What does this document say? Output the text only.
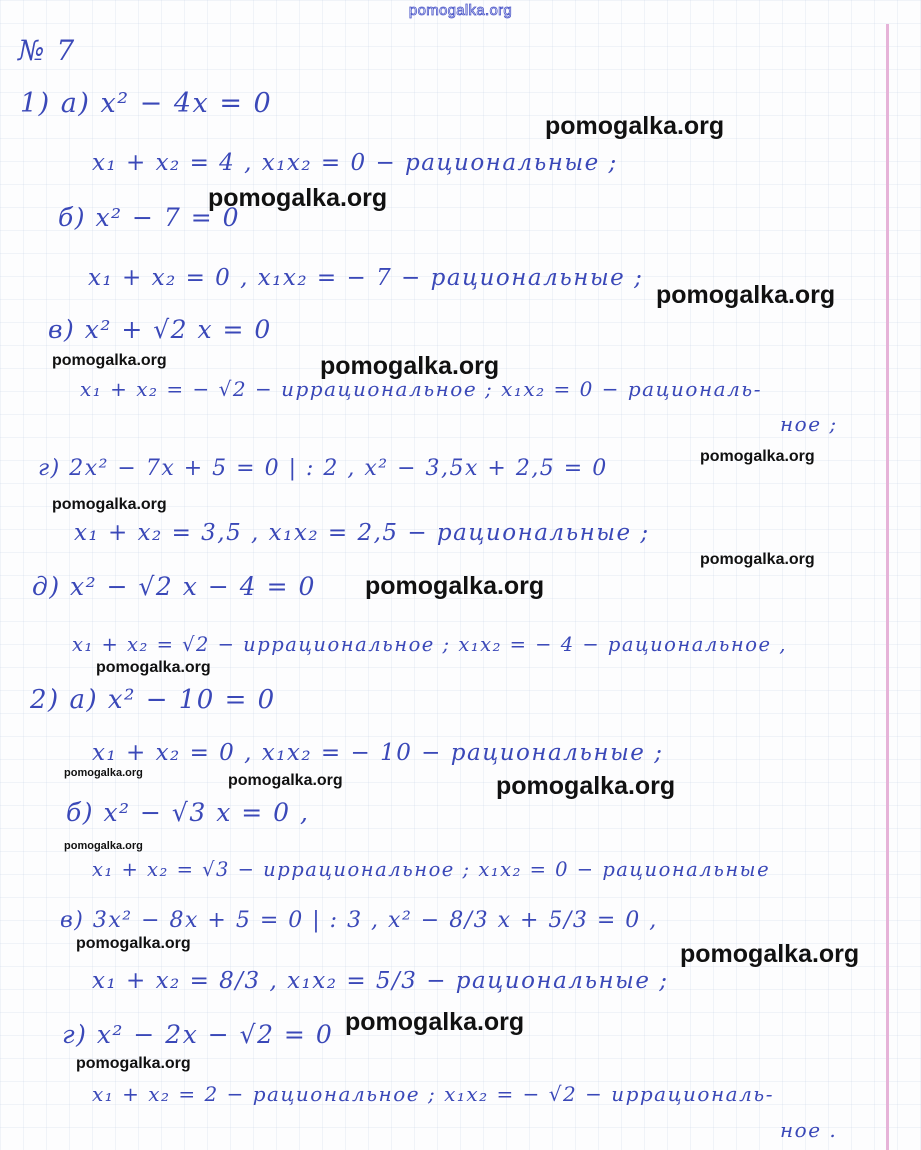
pomogalka.org
№ 7
1) а) x² − 4x = 0
x₁ + x₂ = 4 , x₁x₂ = 0 − рациональные ;
б) x² − 7 = 0
x₁ + x₂ = 0 , x₁x₂ = − 7 − рациональные ;
в) x² + √2 x = 0
x₁ + x₂ = − √2 − иррациональное ; x₁x₂ = 0 − рациональ-
ное ;
г) 2x² − 7x + 5 = 0 | : 2 , x² − 3,5x + 2,5 = 0
x₁ + x₂ = 3,5 , x₁x₂ = 2,5 − рациональные ;
д) x² − √2 x − 4 = 0
x₁ + x₂ = √2 − иррациональное ; x₁x₂ = − 4 − рациональное ,
2) а) x² − 10 = 0
x₁ + x₂ = 0 , x₁x₂ = − 10 − рациональные ;
б) x² − √3 x = 0 ,
x₁ + x₂ = √3 − иррациональное ; x₁x₂ = 0 − рациональные
в) 3x² − 8x + 5 = 0 | : 3 , x² − 8/3 x + 5/3 = 0 ,
x₁ + x₂ = 8/3 , x₁x₂ = 5/3 − рациональные ;
г) x² − 2x − √2 = 0
x₁ + x₂ = 2 − рациональное ; x₁x₂ = − √2 − иррациональ-
ное .
pomogalka.org
pomogalka.org
pomogalka.org
pomogalka.org	pomogalka.org
pomogalka.org
pomogalka.org
pomogalka.org
pomogalka.org
pomogalka.org
pomogalka.org	pomogalka.org	pomogalka.org
pomogalka.org
pomogalka.org	pomogalka.org
pomogalka.org
pomogalka.org
